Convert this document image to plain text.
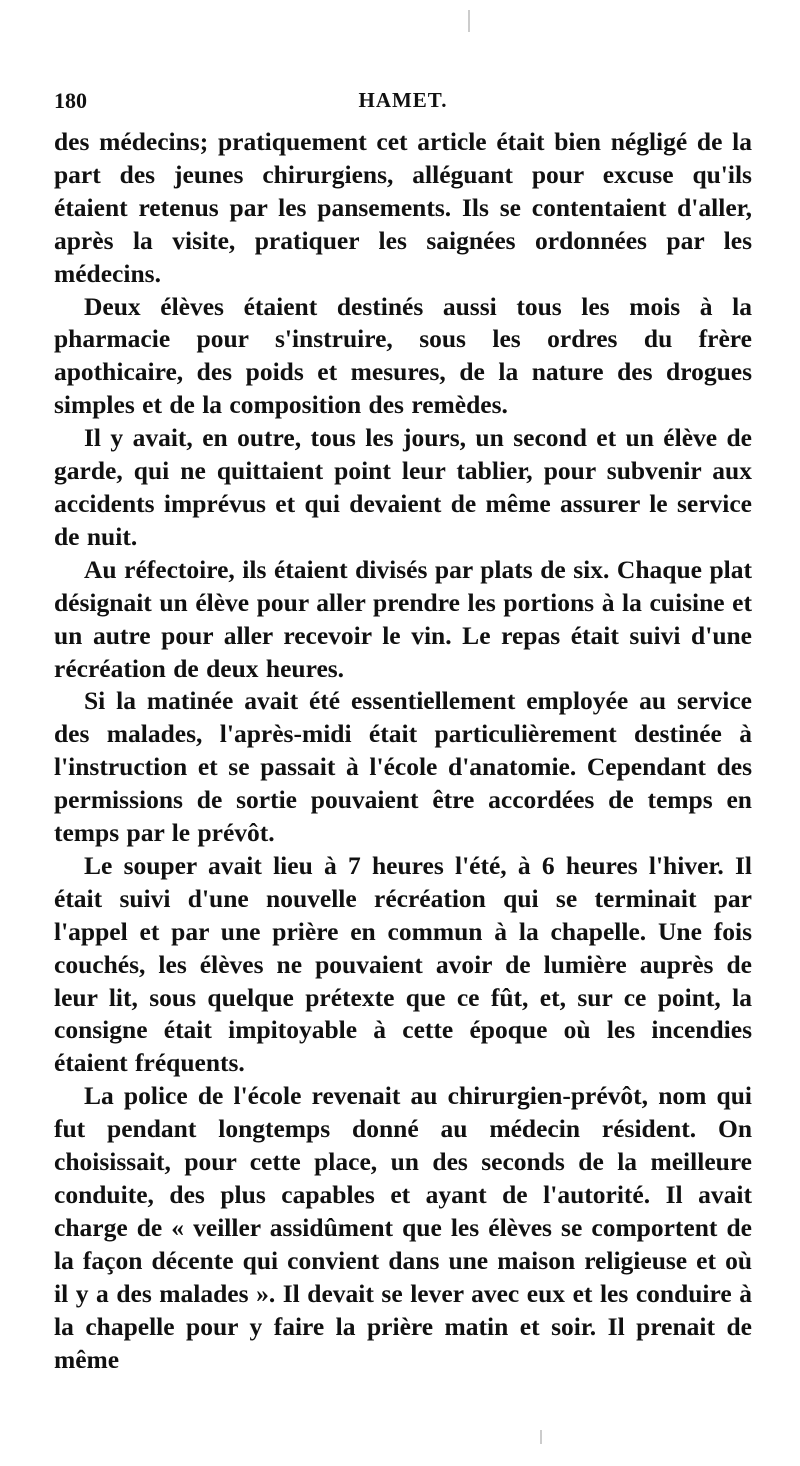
180	HAMET.

des médecins; pratiquement cet article était bien négligé de la part des jeunes chirurgiens, alléguant pour excuse qu'ils étaient retenus par les pansements. Ils se contentaient d'aller, après la visite, pratiquer les saignées ordonnées par les médecins.

Deux élèves étaient destinés aussi tous les mois à la pharmacie pour s'instruire, sous les ordres du frère apothicaire, des poids et mesures, de la nature des drogues simples et de la composition des remèdes.

Il y avait, en outre, tous les jours, un second et un élève de garde, qui ne quittaient point leur tablier, pour subvenir aux accidents imprévus et qui devaient de même assurer le service de nuit.

Au réfectoire, ils étaient divisés par plats de six. Chaque plat désignait un élève pour aller prendre les portions à la cuisine et un autre pour aller recevoir le vin. Le repas était suivi d'une récréation de deux heures.

Si la matinée avait été essentiellement employée au service des malades, l'après-midi était particulièrement destinée à l'instruction et se passait à l'école d'anatomie. Cependant des permissions de sortie pouvaient être accordées de temps en temps par le prévôt.

Le souper avait lieu à 7 heures l'été, à 6 heures l'hiver. Il était suivi d'une nouvelle récréation qui se terminait par l'appel et par une prière en commun à la chapelle. Une fois couchés, les élèves ne pouvaient avoir de lumière auprès de leur lit, sous quelque prétexte que ce fût, et, sur ce point, la consigne était impitoyable à cette époque où les incendies étaient fréquents.

La police de l'école revenait au chirurgien-prévôt, nom qui fut pendant longtemps donné au médecin résident. On choisissait, pour cette place, un des seconds de la meilleure conduite, des plus capables et ayant de l'autorité. Il avait charge de « veiller assidûment que les élèves se comportent de la façon décente qui convient dans une maison religieuse et où il y a des malades ». Il devait se lever avec eux et les conduire à la chapelle pour y faire la prière matin et soir. Il prenait de même
